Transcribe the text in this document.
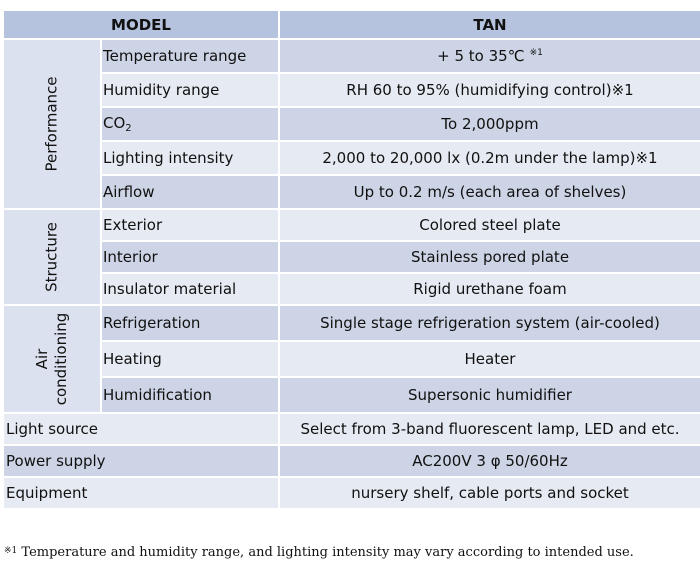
MODEL		TAN

Performance	Temperature range	+ 5 to 35℃ $^{※1}$
	Humidity range	RH 60 to 95% (humidifying control)※1
	$CO_2$	To 2,000ppm
	Lighting intensity	2,000 to 20,000 lx (0.2m under the lamp)※1
	Airflow	Up to 0.2 m/s (each area of shelves)

Structure	Exterior	Colored steel plate
	Interior	Stainless pored plate
	Insulator material	Rigid urethane foam

Air conditioning	Refrigeration	Single stage refrigeration system (air-cooled)
	Heating	Heater
	Humidification	Supersonic humidifier
Light source		Select from 3-band fluorescent lamp, LED and etc.
Power supply		AC200V 3 φ 50/60Hz
Equipment		nursery shelf, cable ports and socket
$^{※1}$ Temperature and humidity range, and lighting intensity may vary according to intended use.
